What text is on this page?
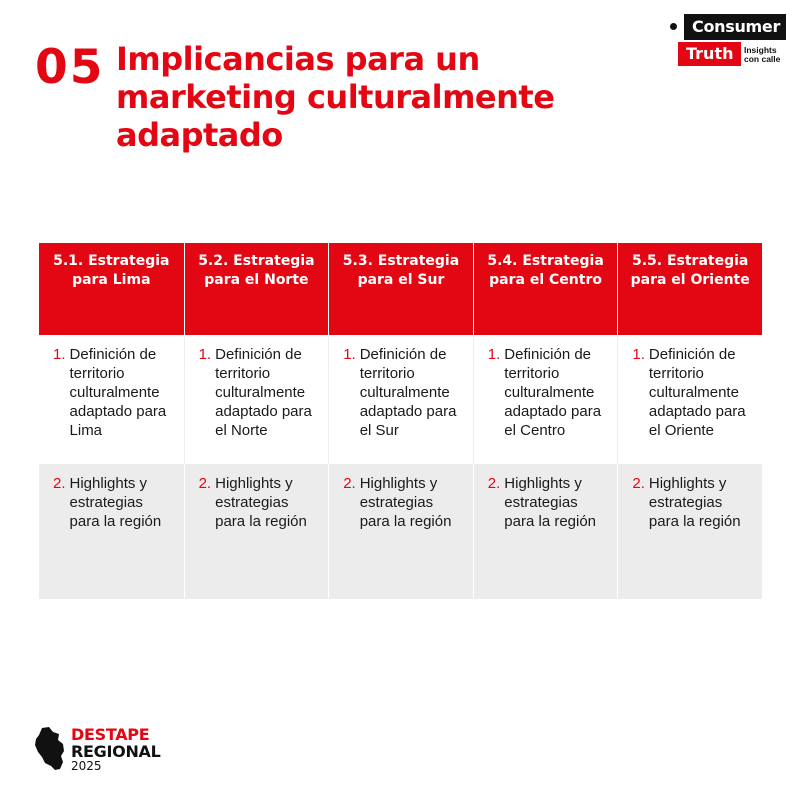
05 Implicancias para un marketing culturalmente adaptado
Consumer
Truth	Insights con calle
5.1. Estrategia para Lima
5.2. Estrategia para el Norte
5.3. Estrategia para el Sur
5.4. Estrategia para el Centro
5.5. Estrategia para el Oriente
1. Definición de territorio culturalmente adaptado para Lima
1. Definición de territorio culturalmente adaptado para el Norte
1. Definición de territorio culturalmente adaptado para el Sur
1. Definición de territorio culturalmente adaptado para el Centro
1. Definición de territorio culturalmente adaptado para el Oriente
2. Highlights y estrategias para la región
2. Highlights y estrategias para la región
2. Highlights y estrategias para la región
2. Highlights y estrategias para la región
2. Highlights y estrategias para la región
DESTAPE
REGIONAL
2025
